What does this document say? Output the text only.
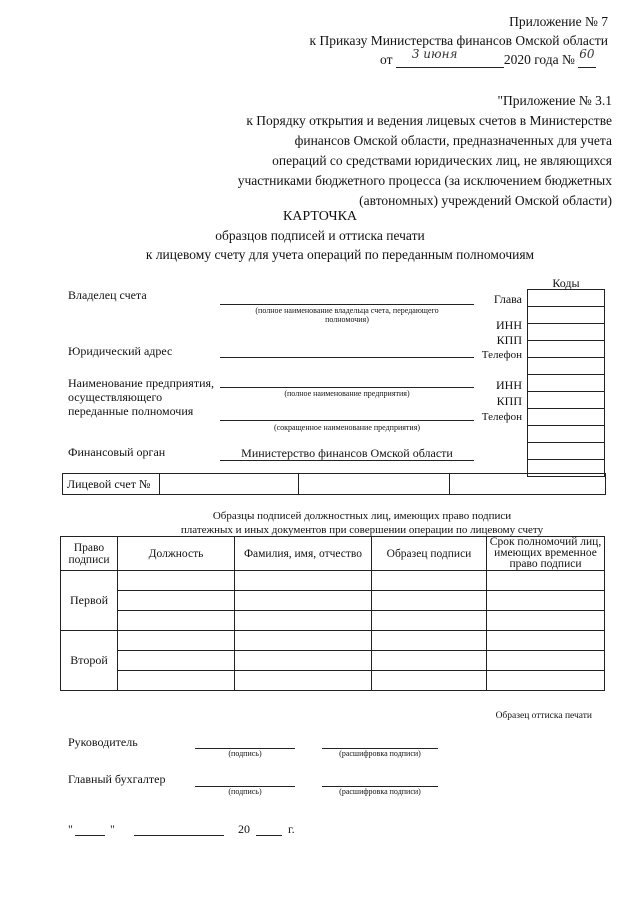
Приложение № 7
к Приказу Министерства финансов Омской области
от 3 июня	2020 года № 60
"Приложение № 3.1
к Порядку открытия и ведения лицевых счетов в Министерстве
финансов Омской области, предназначенных для учета
операций со средствами юридических лиц, не являющихся
участниками бюджетного процесса (за исключением бюджетных
(автономных) учреждений Омской области)
КАРТОЧКА
образцов подписей и оттиска печати
к лицевому счету для учета операций по переданным полномочиям
Владелец счета
(полное наименование владельца счета, передающего полномочия)
Юридический адрес
Наименование предприятия,
осуществляющего
переданные полномочия
(полное наименование предприятия)
(сокращенное наименование предприятия)
Финансовый орган	Министерство финансов Омской области
Коды

Глава
ИНН
КПП
Телефон
ИНН
КПП
Телефон
Лицевой счет №			
Образцы подписей должностных лиц, имеющих право подписи
платежных и иных документов при совершении операции по лицевому счету
Право подписи	Должность	Фамилия, имя, отчество	Образец подписи	Срок полномочий лиц, имеющих временное право подписи
Первой				

Второй				

Образец оттиска печати
Руководитель
(подпись)	(расшифровка подписи)
Главный бухгалтер
(подпись)	(расшифровка подписи)
"	"	20	г.
